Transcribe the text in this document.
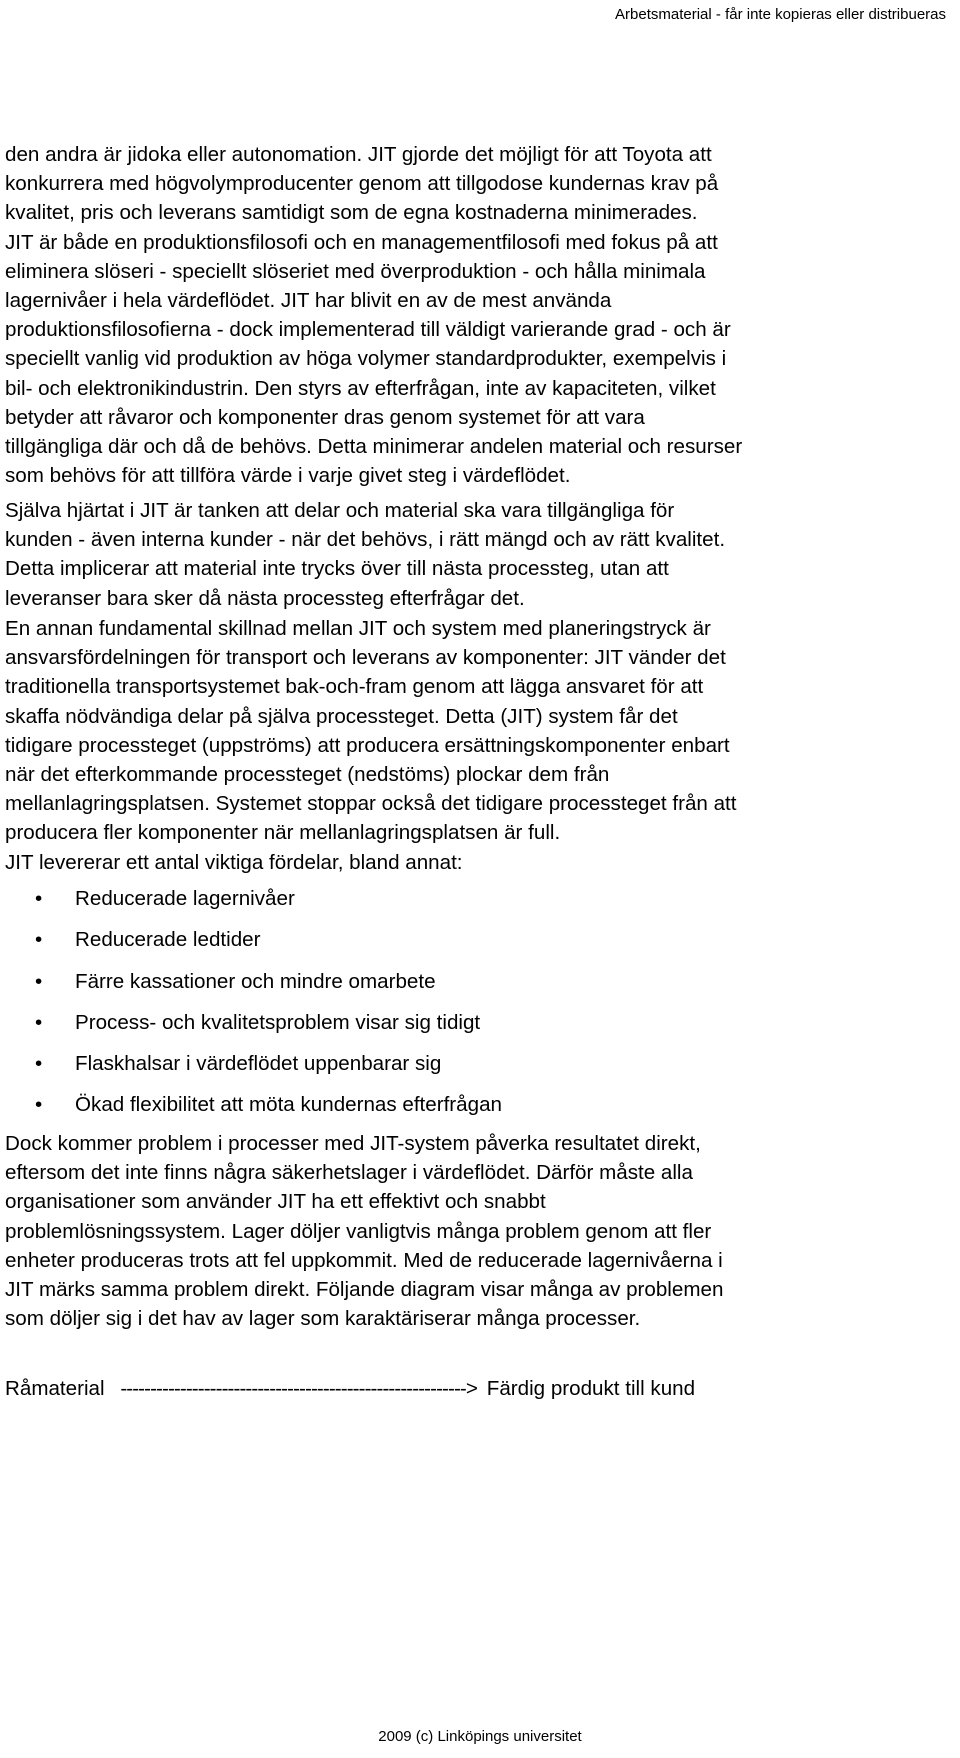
Arbetsmaterial - får inte kopieras eller distribueras

den andra är jidoka eller autonomation. JIT gjorde det möjligt för att Toyota att
konkurrera med högvolymproducenter genom att tillgodose kundernas krav på
kvalitet, pris och leverans samtidigt som de egna kostnaderna minimerades.
JIT är både en produktionsfilosofi och en managementfilosofi med fokus på att
eliminera slöseri - speciellt slöseriet med överproduktion - och hålla minimala
lagernivåer i hela värdeflödet. JIT har blivit en av de mest använda
produktionsfilosofierna - dock implementerad till väldigt varierande grad - och är
speciellt vanlig vid produktion av höga volymer standardprodukter, exempelvis i
bil- och elektronikindustrin. Den styrs av efterfrågan, inte av kapaciteten, vilket
betyder att råvaror och komponenter dras genom systemet för att vara
tillgängliga där och då de behövs. Detta minimerar andelen material och resurser
som behövs för att tillföra värde i varje givet steg i värdeflödet.

Själva hjärtat i JIT är tanken att delar och material ska vara tillgängliga för
kunden - även interna kunder - när det behövs, i rätt mängd och av rätt kvalitet.
Detta implicerar att material inte trycks över till nästa processteg, utan att
leveranser bara sker då nästa processteg efterfrågar det.

En annan fundamental skillnad mellan JIT och system med planeringstryck är
ansvarsfördelningen för transport och leverans av komponenter: JIT vänder det
traditionella transportsystemet bak-och-fram genom att lägga ansvaret för att
skaffa nödvändiga delar på själva processteget. Detta (JIT) system får det
tidigare processteget (uppströms) att producera ersättningskomponenter enbart
när det efterkommande processteget (nedstöms) plockar dem från
mellanlagringsplatsen. Systemet stoppar också det tidigare processteget från att
producera fler komponenter när mellanlagringsplatsen är full.

JIT levererar ett antal viktiga fördelar, bland annat:

• Reducerade lagernivåer
• Reducerade ledtider
• Färre kassationer och mindre omarbete
• Process- och kvalitetsproblem visar sig tidigt
• Flaskhalsar i värdeflödet uppenbarar sig
• Ökad flexibilitet att möta kundernas efterfrågan

Dock kommer problem i processer med JIT-system påverka resultatet direkt,
eftersom det inte finns några säkerhetslager i värdeflödet. Därför måste alla
organisationer som använder JIT ha ett effektivt och snabbt
problemlösningssystem. Lager döljer vanligtvis många problem genom att fler
enheter produceras trots att fel uppkommit. Med de reducerade lagernivåerna i
JIT märks samma problem direkt. Följande diagram visar många av problemen
som döljer sig i det hav av lager som karaktäriserar många processer.

Råmaterial ----------------------------------------------------------> Färdig produkt till kund
2009 (c) Linköpings universitet
